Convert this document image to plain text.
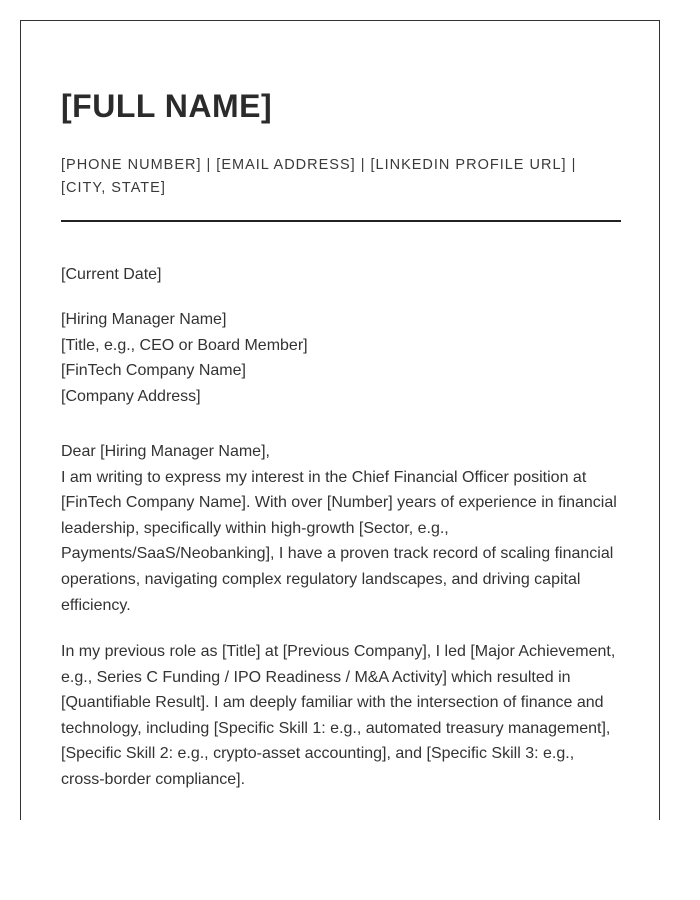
[FULL NAME]
[PHONE NUMBER] | [EMAIL ADDRESS] | [LINKEDIN PROFILE URL] | [CITY, STATE]
[Current Date]
[Hiring Manager Name]
[Title, e.g., CEO or Board Member]
[FinTech Company Name]
[Company Address]
Dear [Hiring Manager Name],

I am writing to express my interest in the Chief Financial Officer position at [FinTech Company Name]. With over [Number] years of experience in financial leadership, specifically within high-growth [Sector, e.g., Payments/SaaS/Neobanking], I have a proven track record of scaling financial operations, navigating complex regulatory landscapes, and driving capital efficiency.

In my previous role as [Title] at [Previous Company], I led [Major Achievement, e.g., Series C Funding / IPO Readiness / M&A Activity] which resulted in [Quantifiable Result]. I am deeply familiar with the intersection of finance and technology, including [Specific Skill 1: e.g., automated treasury management], [Specific Skill 2: e.g., crypto-asset accounting], and [Specific Skill 3: e.g., cross-border compliance].
